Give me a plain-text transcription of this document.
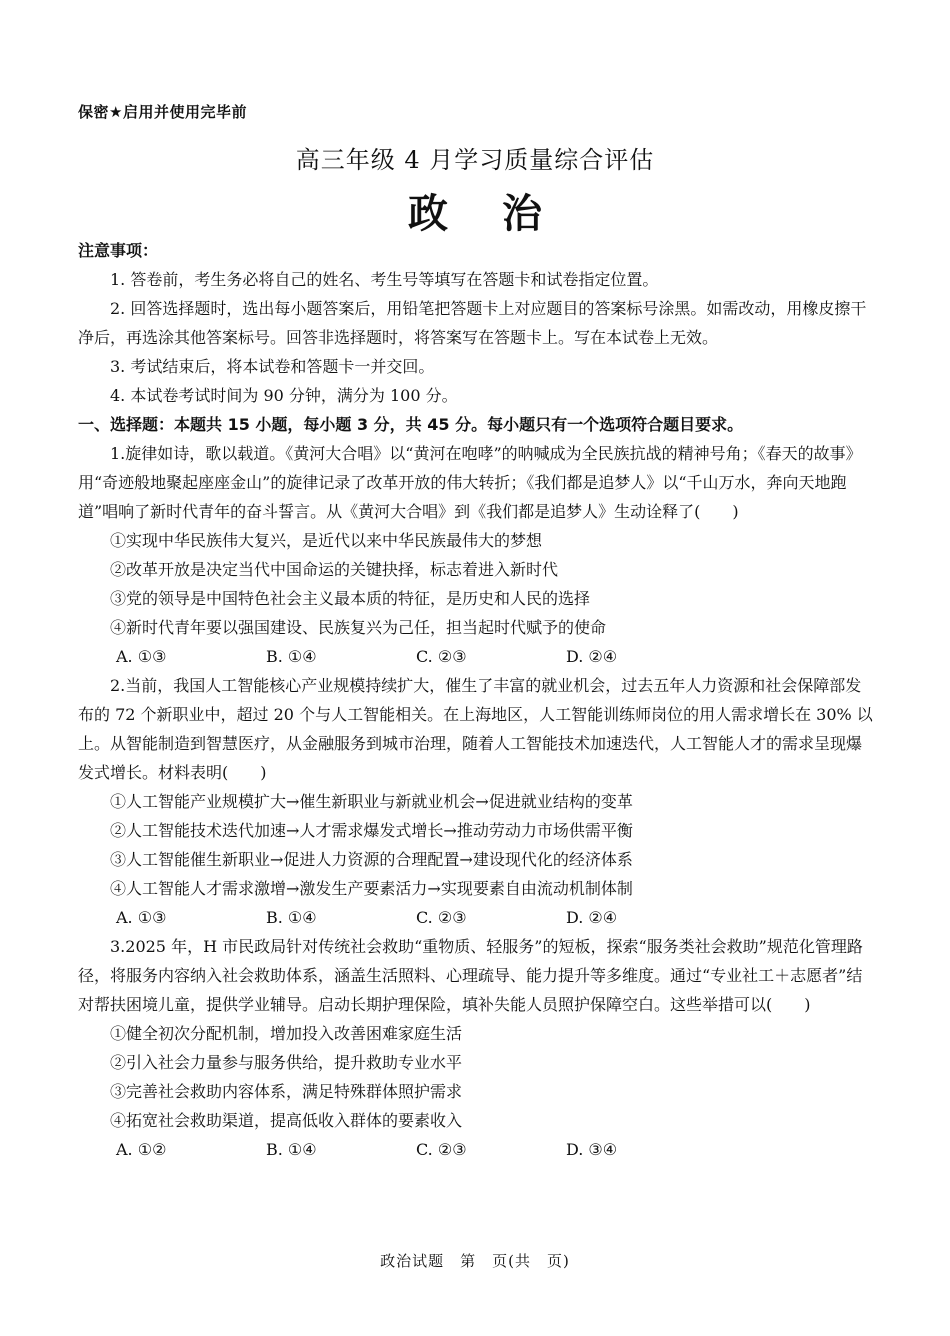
保密★启用并使用完毕前
高三年级 4 月学习质量综合评估
政治

注意事项：

1. 答卷前，考生务必将自己的姓名、考生号等填写在答题卡和试卷指定位置。

2. 回答选择题时，选出每小题答案后，用铅笔把答题卡上对应题目的答案标号涂黑。如需改动，用橡皮擦干净后，再选涂其他答案标号。回答非选择题时，将答案写在答题卡上。写在本试卷上无效。

3. 考试结束后，将本试卷和答题卡一并交回。

4. 本试卷考试时间为 90 分钟，满分为 100 分。

一、选择题：本题共 15 小题，每小题 3 分，共 45 分。每小题只有一个选项符合题目要求。

1.旋律如诗，歌以载道。《黄河大合唱》以“黄河在咆哮”的呐喊成为全民族抗战的精神号角；《春天的故事》用“奇迹般地聚起座座金山”的旋律记录了改革开放的伟大转折；《我们都是追梦人》以“千山万水，奔向天地跑道”唱响了新时代青年的奋斗誓言。从《黄河大合唱》到《我们都是追梦人》生动诠释了(　　)

①实现中华民族伟大复兴，是近代以来中华民族最伟大的梦想

②改革开放是决定当代中国命运的关键抉择，标志着进入新时代

③党的领导是中国特色社会主义最本质的特征，是历史和人民的选择

④新时代青年要以强国建设、民族复兴为己任，担当起时代赋予的使命

A. ①③	B. ①④	C. ②③	D. ②④

2.当前，我国人工智能核心产业规模持续扩大，催生了丰富的就业机会，过去五年人力资源和社会保障部发布的 72 个新职业中，超过 20 个与人工智能相关。在上海地区，人工智能训练师岗位的用人需求增长在 30% 以上。从智能制造到智慧医疗，从金融服务到城市治理，随着人工智能技术加速迭代，人工智能人才的需求呈现爆发式增长。材料表明(　　)

①人工智能产业规模扩大→催生新职业与新就业机会→促进就业结构的变革

②人工智能技术迭代加速→人才需求爆发式增长→推动劳动力市场供需平衡

③人工智能催生新职业→促进人力资源的合理配置→建设现代化的经济体系

④人工智能人才需求激增→激发生产要素活力→实现要素自由流动机制体制

A. ①③	B. ①④	C. ②③	D. ②④

3.2025 年，H 市民政局针对传统社会救助“重物质、轻服务”的短板，探索“服务类社会救助”规范化管理路径，将服务内容纳入社会救助体系，涵盖生活照料、心理疏导、能力提升等多维度。通过“专业社工＋志愿者”结对帮扶困境儿童，提供学业辅导。启动长期护理保险，填补失能人员照护保障空白。这些举措可以(　　)

①健全初次分配机制，增加投入改善困难家庭生活

②引入社会力量参与服务供给，提升救助专业水平

③完善社会救助内容体系，满足特殊群体照护需求

④拓宽社会救助渠道，提高低收入群体的要素收入

A. ①②	B. ①④	C. ②③	D. ③④

政治试题　第　页(共　页)
